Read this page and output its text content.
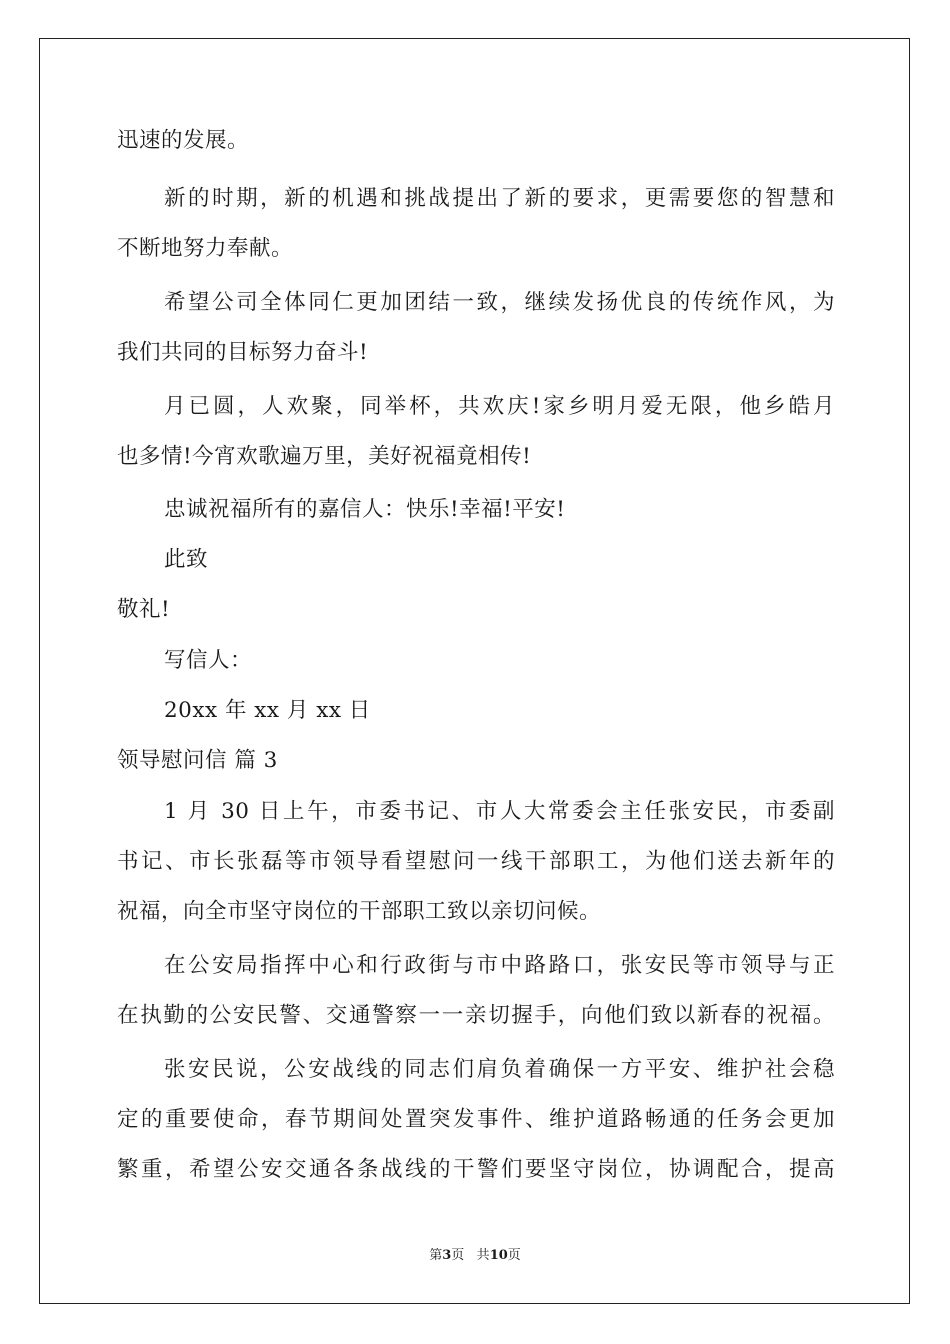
迅速的发展。
新的时期，新的机遇和挑战提出了新的要求，更需要您的智慧和
不断地努力奉献。
希望公司全体同仁更加团结一致，继续发扬优良的传统作风，为
我们共同的目标努力奋斗!
月已圆，人欢聚，同举杯，共欢庆!家乡明月爱无限，他乡皓月
也多情!今宵欢歌遍万里，美好祝福竟相传!
忠诚祝福所有的嘉信人：快乐!幸福!平安!
此致
敬礼!
写信人：
20xx 年 xx 月 xx 日
领导慰问信 篇 3
1 月 30 日上午，市委书记、市人大常委会主任张安民，市委副
书记、市长张磊等市领导看望慰问一线干部职工，为他们送去新年的
祝福，向全市坚守岗位的干部职工致以亲切问候。
在公安局指挥中心和行政街与市中路路口，张安民等市领导与正
在执勤的公安民警、交通警察一一亲切握手，向他们致以新春的祝福。
张安民说，公安战线的同志们肩负着确保一方平安、维护社会稳
定的重要使命，春节期间处置突发事件、维护道路畅通的任务会更加
繁重，希望公安交通各条战线的干警们要坚守岗位，协调配合，提高
第3页 共10页
